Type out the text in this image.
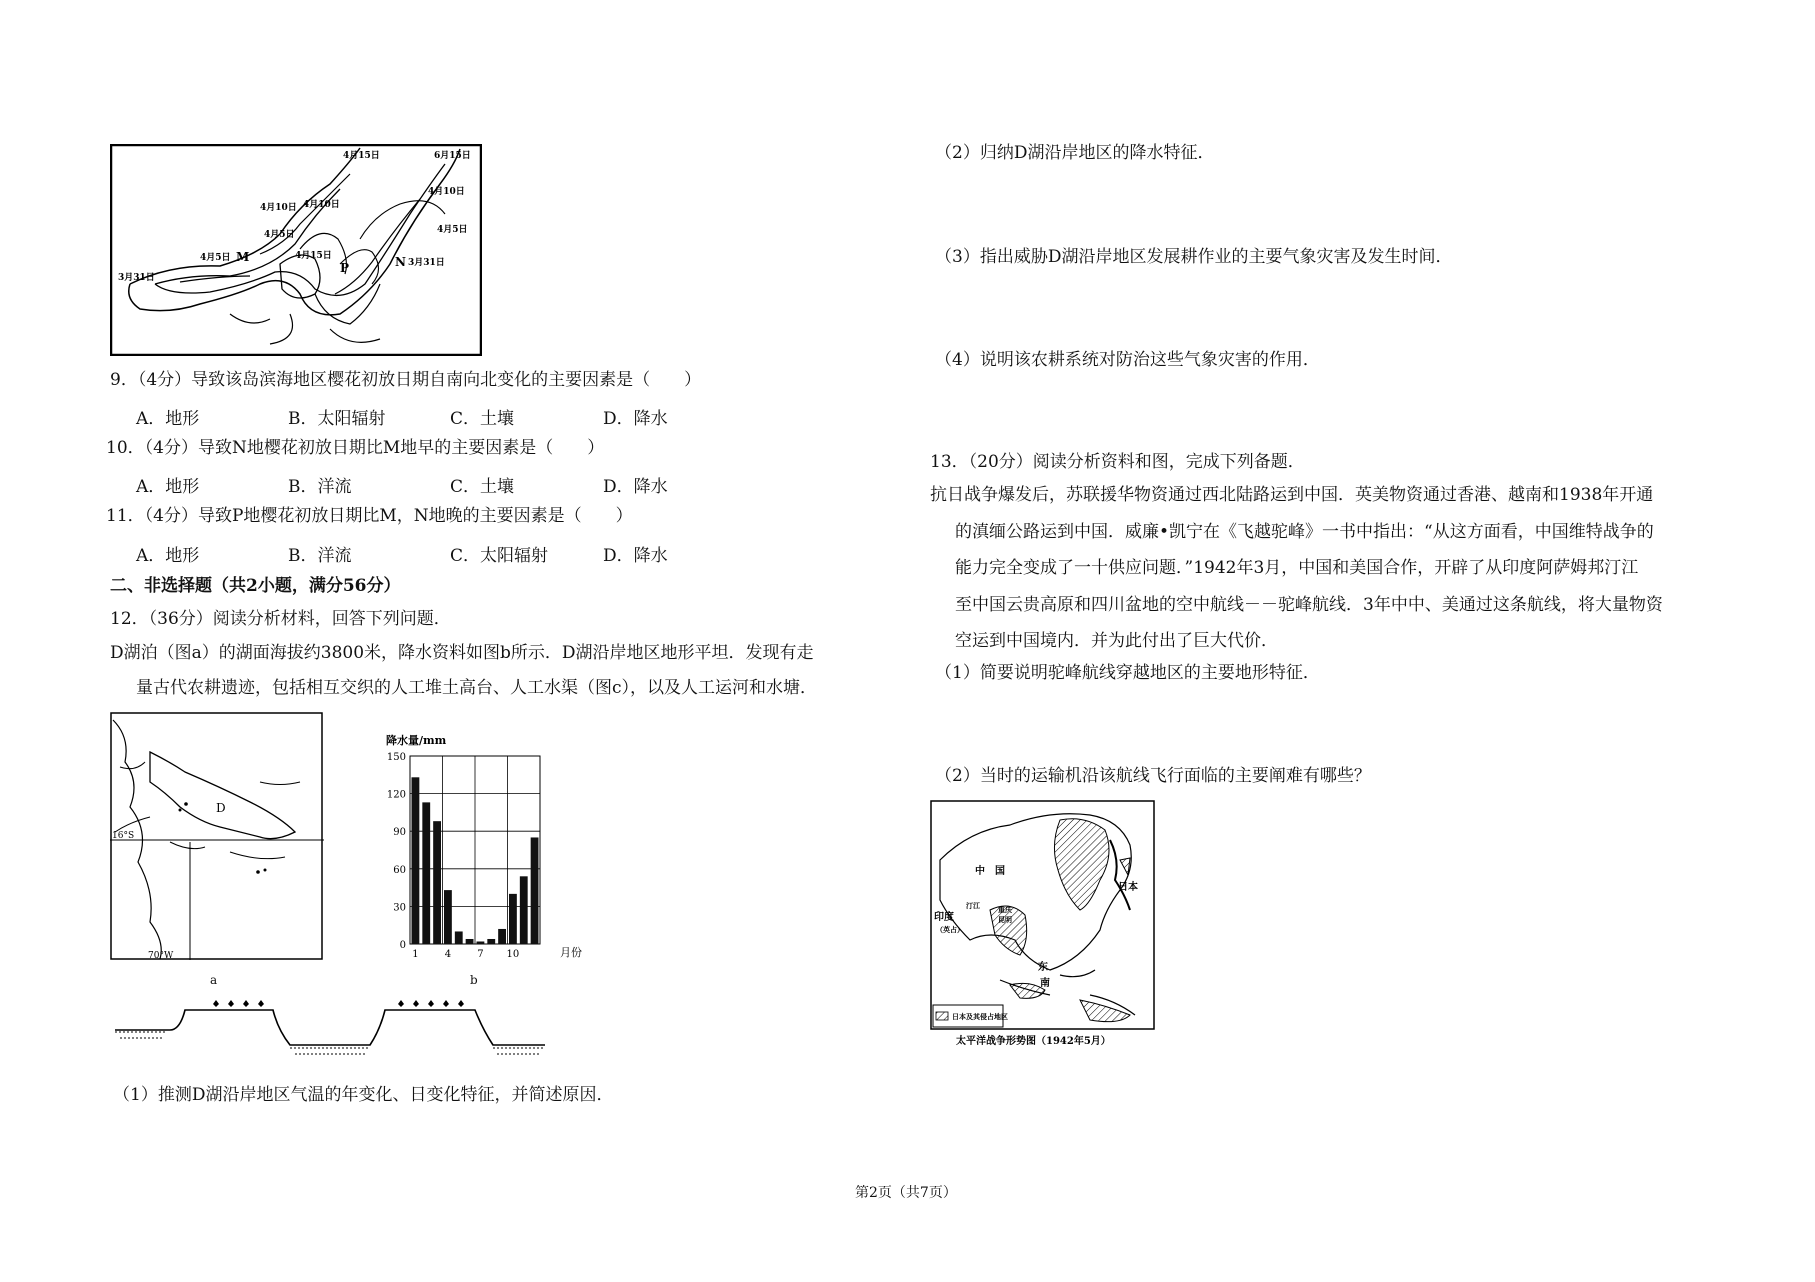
4月15日	6月15日
4月10日
4月10日 4月10日
4月5日
4月5日 M	4月15日
P	N 3月31日
3月31日
4月5日
9．（4分）导致该岛滨海地区樱花初放日期自南向北变化的主要因素是（　　）
A．地形	B．太阳辐射	C．土壤	D．降水
10．（4分）导致N地樱花初放日期比M地早的主要因素是（　　）
A．地形	B．洋流	C．土壤	D．降水
11．（4分）导致P地樱花初放日期比M，N地晚的主要因素是（　　）
A．地形	B．洋流	C．太阳辐射	D．降水
二、非选择题（共2小题，满分56分）
12．（36分）阅读分析材料，回答下列问题．
D湖泊（图a）的湖面海拔约3800米，降水资料如图b所示．D湖沿岸地区地形平坦．发现有走
量古代农耕遗迹，包括相互交织的人工堆土高台、人工水渠（图c），以及人工运河和水塘．
D
16°S
70°W
a
降水量/mm
0
30
60
90
120
150
1	4	7 10	月份
b
（1）推测D湖沿岸地区气温的年变化、日变化特征，并简述原因．
（2）归纳D湖沿岸地区的降水特征．
（3）指出威胁D湖沿岸地区发展耕作业的主要气象灾害及发生时间．
（4）说明该农耕系统对防治这些气象灾害的作用．
13．（20分）阅读分析资料和图，完成下列备题．
抗日战争爆发后，苏联援华物资通过西北陆路运到中国．英美物资通过香港、越南和1938年开通
的滇缅公路运到中国．威廉•凯宁在《飞越驼峰》一书中指出：“从这方面看，中国维特战争的
能力完全变成了一十供应问题．”1942年3月，中国和美国合作，开辟了从印度阿萨姆邦汀江
至中国云贵高原和四川盆地的空中航线－－驼峰航线．3年中中、美通过这条航线，将大量物资
空运到中国境内．并为此付出了巨大代价．
（1）简要说明驼峰航线穿越地区的主要地形特征．
（2）当时的运输机沿该航线飞行面临的主要阐难有哪些？
中　国
日本
印度
汀江
（英占）
重庆
昆明
东
南
日本及其侵占地区
太平洋战争形势图（1942年5月）
第2页（共7页）
